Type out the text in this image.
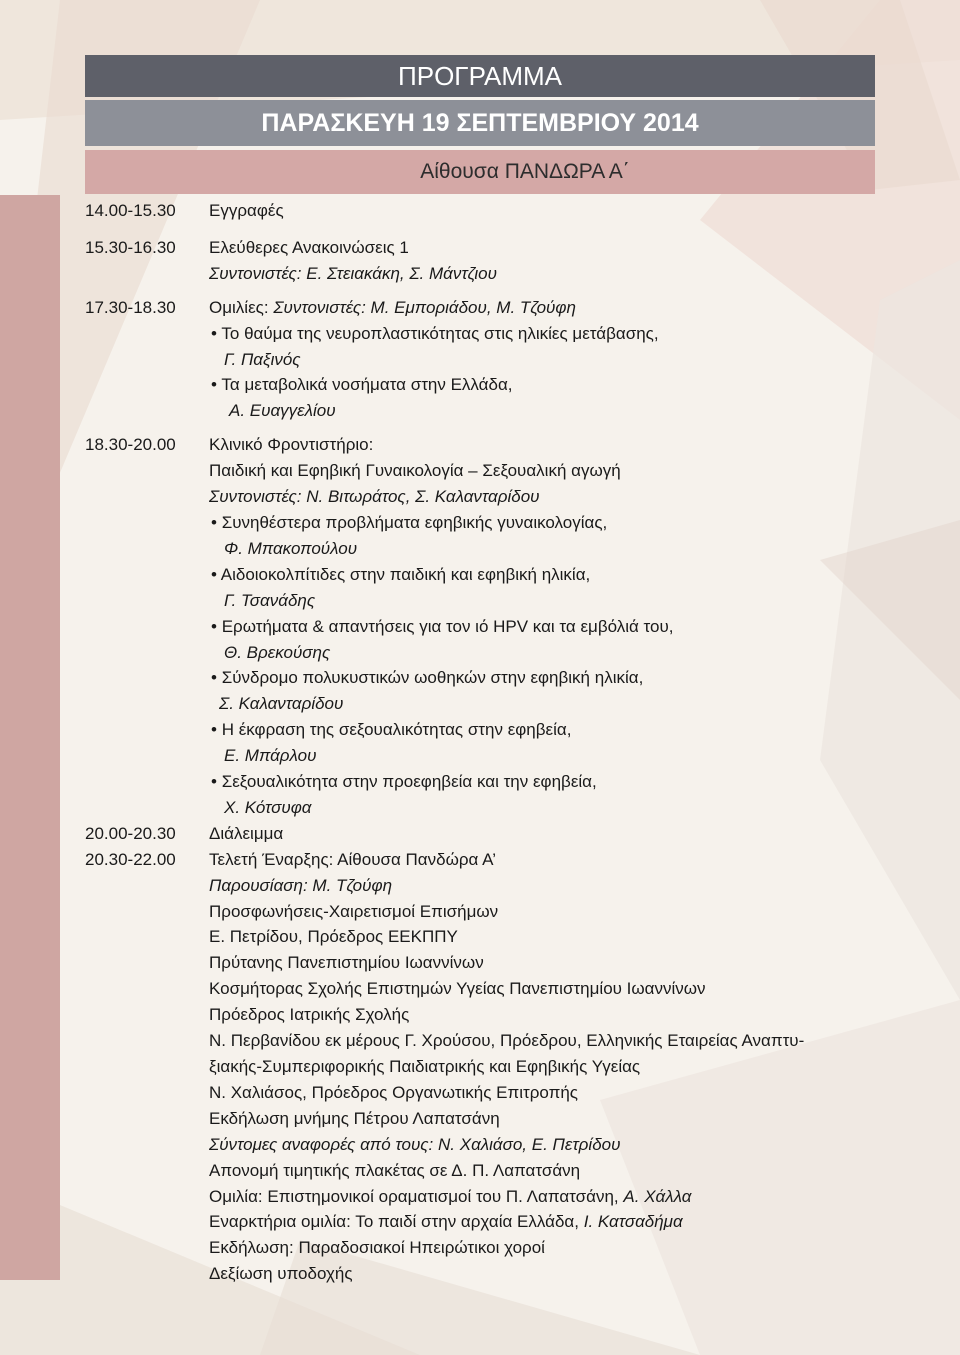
ΠΡΟΓΡΑΜΜΑ
ΠΑΡΑΣΚΕΥΗ 19 ΣΕΠΤΕΜΒΡΙΟΥ 2014
Αίθουσα ΠΑΝΔΩΡΑ Α΄
14.00-15.30	Εγγραφές
15.30-16.30	Ελεύθερες Ανακοινώσεις 1
Συντονιστές: Ε. Στειακάκη, Σ. Μάντζιου
17.30-18.30	Ομιλίες: Συντονιστές: Μ. Εμποριάδου, Μ. Τζούφη
• Το θαύμα της νευροπλαστικότητας στις ηλικίες μετάβασης,
Γ. Παξινός
• Τα μεταβολικά νοσήματα στην Ελλάδα,
Α. Ευαγγελίου
18.30-20.00	Κλινικό Φροντιστήριο:
Παιδική και Εφηβική Γυναικολογία – Σεξουαλική αγωγή
Συντονιστές: Ν. Βιτωράτος, Σ. Καλανταρίδου
• Συνηθέστερα προβλήματα εφηβικής γυναικολογίας,
Φ. Μπακοπούλου
• Αιδοιοκολπίτιδες στην παιδική και εφηβική ηλικία,
Γ. Τσανάδης
• Ερωτήματα & απαντήσεις για τον ιό HPV και τα εμβόλιά του,
Θ. Βρεκούσης
• Σύνδρομο πολυκυστικών ωοθηκών στην εφηβική ηλικία,
Σ. Καλανταρίδου
• Η έκφραση της σεξουαλικότητας στην εφηβεία,
Ε. Μπάρλου
• Σεξουαλικότητα στην προεφηβεία και την εφηβεία,
Χ. Κότσυφα
20.00-20.30	Διάλειμμα
20.30-22.00	Τελετή Έναρξης: Αίθουσα Πανδώρα Α’
Παρουσίαση: Μ. Τζούφη
Προσφωνήσεις-Χαιρετισμοί Επισήμων
Ε. Πετρίδου, Πρόεδρος ΕΕΚΠΠΥ
Πρύτανης Πανεπιστημίου Ιωαννίνων
Κοσμήτορας Σχολής Επιστημών Υγείας Πανεπιστημίου Ιωαννίνων
Πρόεδρος Ιατρικής Σχολής
Ν. Περβανίδου εκ μέρους Γ. Χρούσου, Πρόεδρου, Ελληνικής Εταιρείας Αναπτυ-
ξιακής-Συμπεριφορικής Παιδιατρικής και Εφηβικής Υγείας
Ν. Χαλιάσος, Πρόεδρος Οργανωτικής Επιτροπής
Εκδήλωση μνήμης Πέτρου Λαπατσάνη
Σύντομες αναφορές από τους: Ν. Χαλιάσο, Ε. Πετρίδου
Απονομή τιμητικής πλακέτας σε Δ. Π. Λαπατσάνη
Ομιλία: Επιστημονικοί οραματισμοί του Π. Λαπατσάνη, Α. Χάλλα
Εναρκτήρια ομιλία: Το παιδί στην αρχαία Ελλάδα, Ι. Κατσαδήμα
Εκδήλωση: Παραδοσιακοί Ηπειρώτικοι χοροί
Δεξίωση υποδοχής
